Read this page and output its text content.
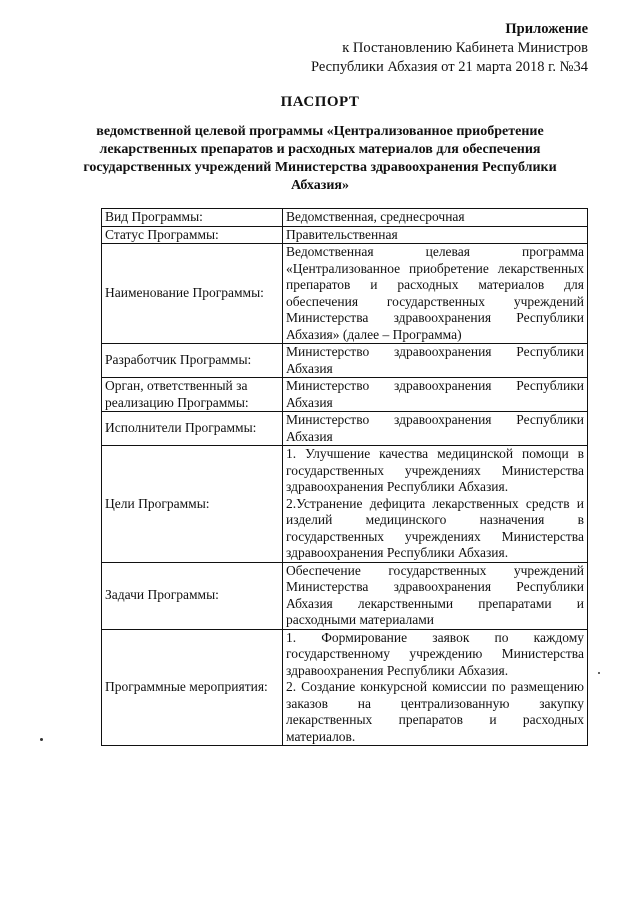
Приложение
к Постановлению Кабинета Министров
Республики Абхазия от 21 марта 2018 г. №34
ПАСПОРТ
ведомственной целевой программы «Централизованное приобретение лекарственных препаратов и расходных материалов для обеспечения государственных учреждений Министерства здравоохранения Республики Абхазия»
Вид Программы:	Ведомственная, среднесрочная

Статус Программы:	Правительственная

Наименование Программы:	Ведомственная целевая программа «Централизованное приобретение лекарственных препаратов и расходных материалов для обеспечения государственных учреждений Министерства здравоохранения Республики Абхазия» (далее – Программа)

Разработчик Программы:	Министерство здравоохранения Республики Абхазия

Орган, ответственный за реализацию Программы:	Министерство здравоохранения Республики Абхазия

Исполнители Программы:	Министерство здравоохранения Республики Абхазия

Цели Программы:	1. Улучшение качества медицинской помощи в государственных учреждениях Министерства здравоохранения Республики Абхазия.
2.Устранение дефицита лекарственных средств и изделий медицинского назначения в государственных учреждениях Министерства здравоохранения Республики Абхазия.

Задачи Программы:	Обеспечение государственных учреждений Министерства здравоохранения Республики Абхазия лекарственными препаратами и расходными материалами

Программные мероприятия:	1. Формирование заявок по каждому государственному учреждению Министерства здравоохранения Республики Абхазия.
2. Создание конкурсной комиссии по размещению заказов на централизованную закупку лекарственных препаратов и расходных материалов.
